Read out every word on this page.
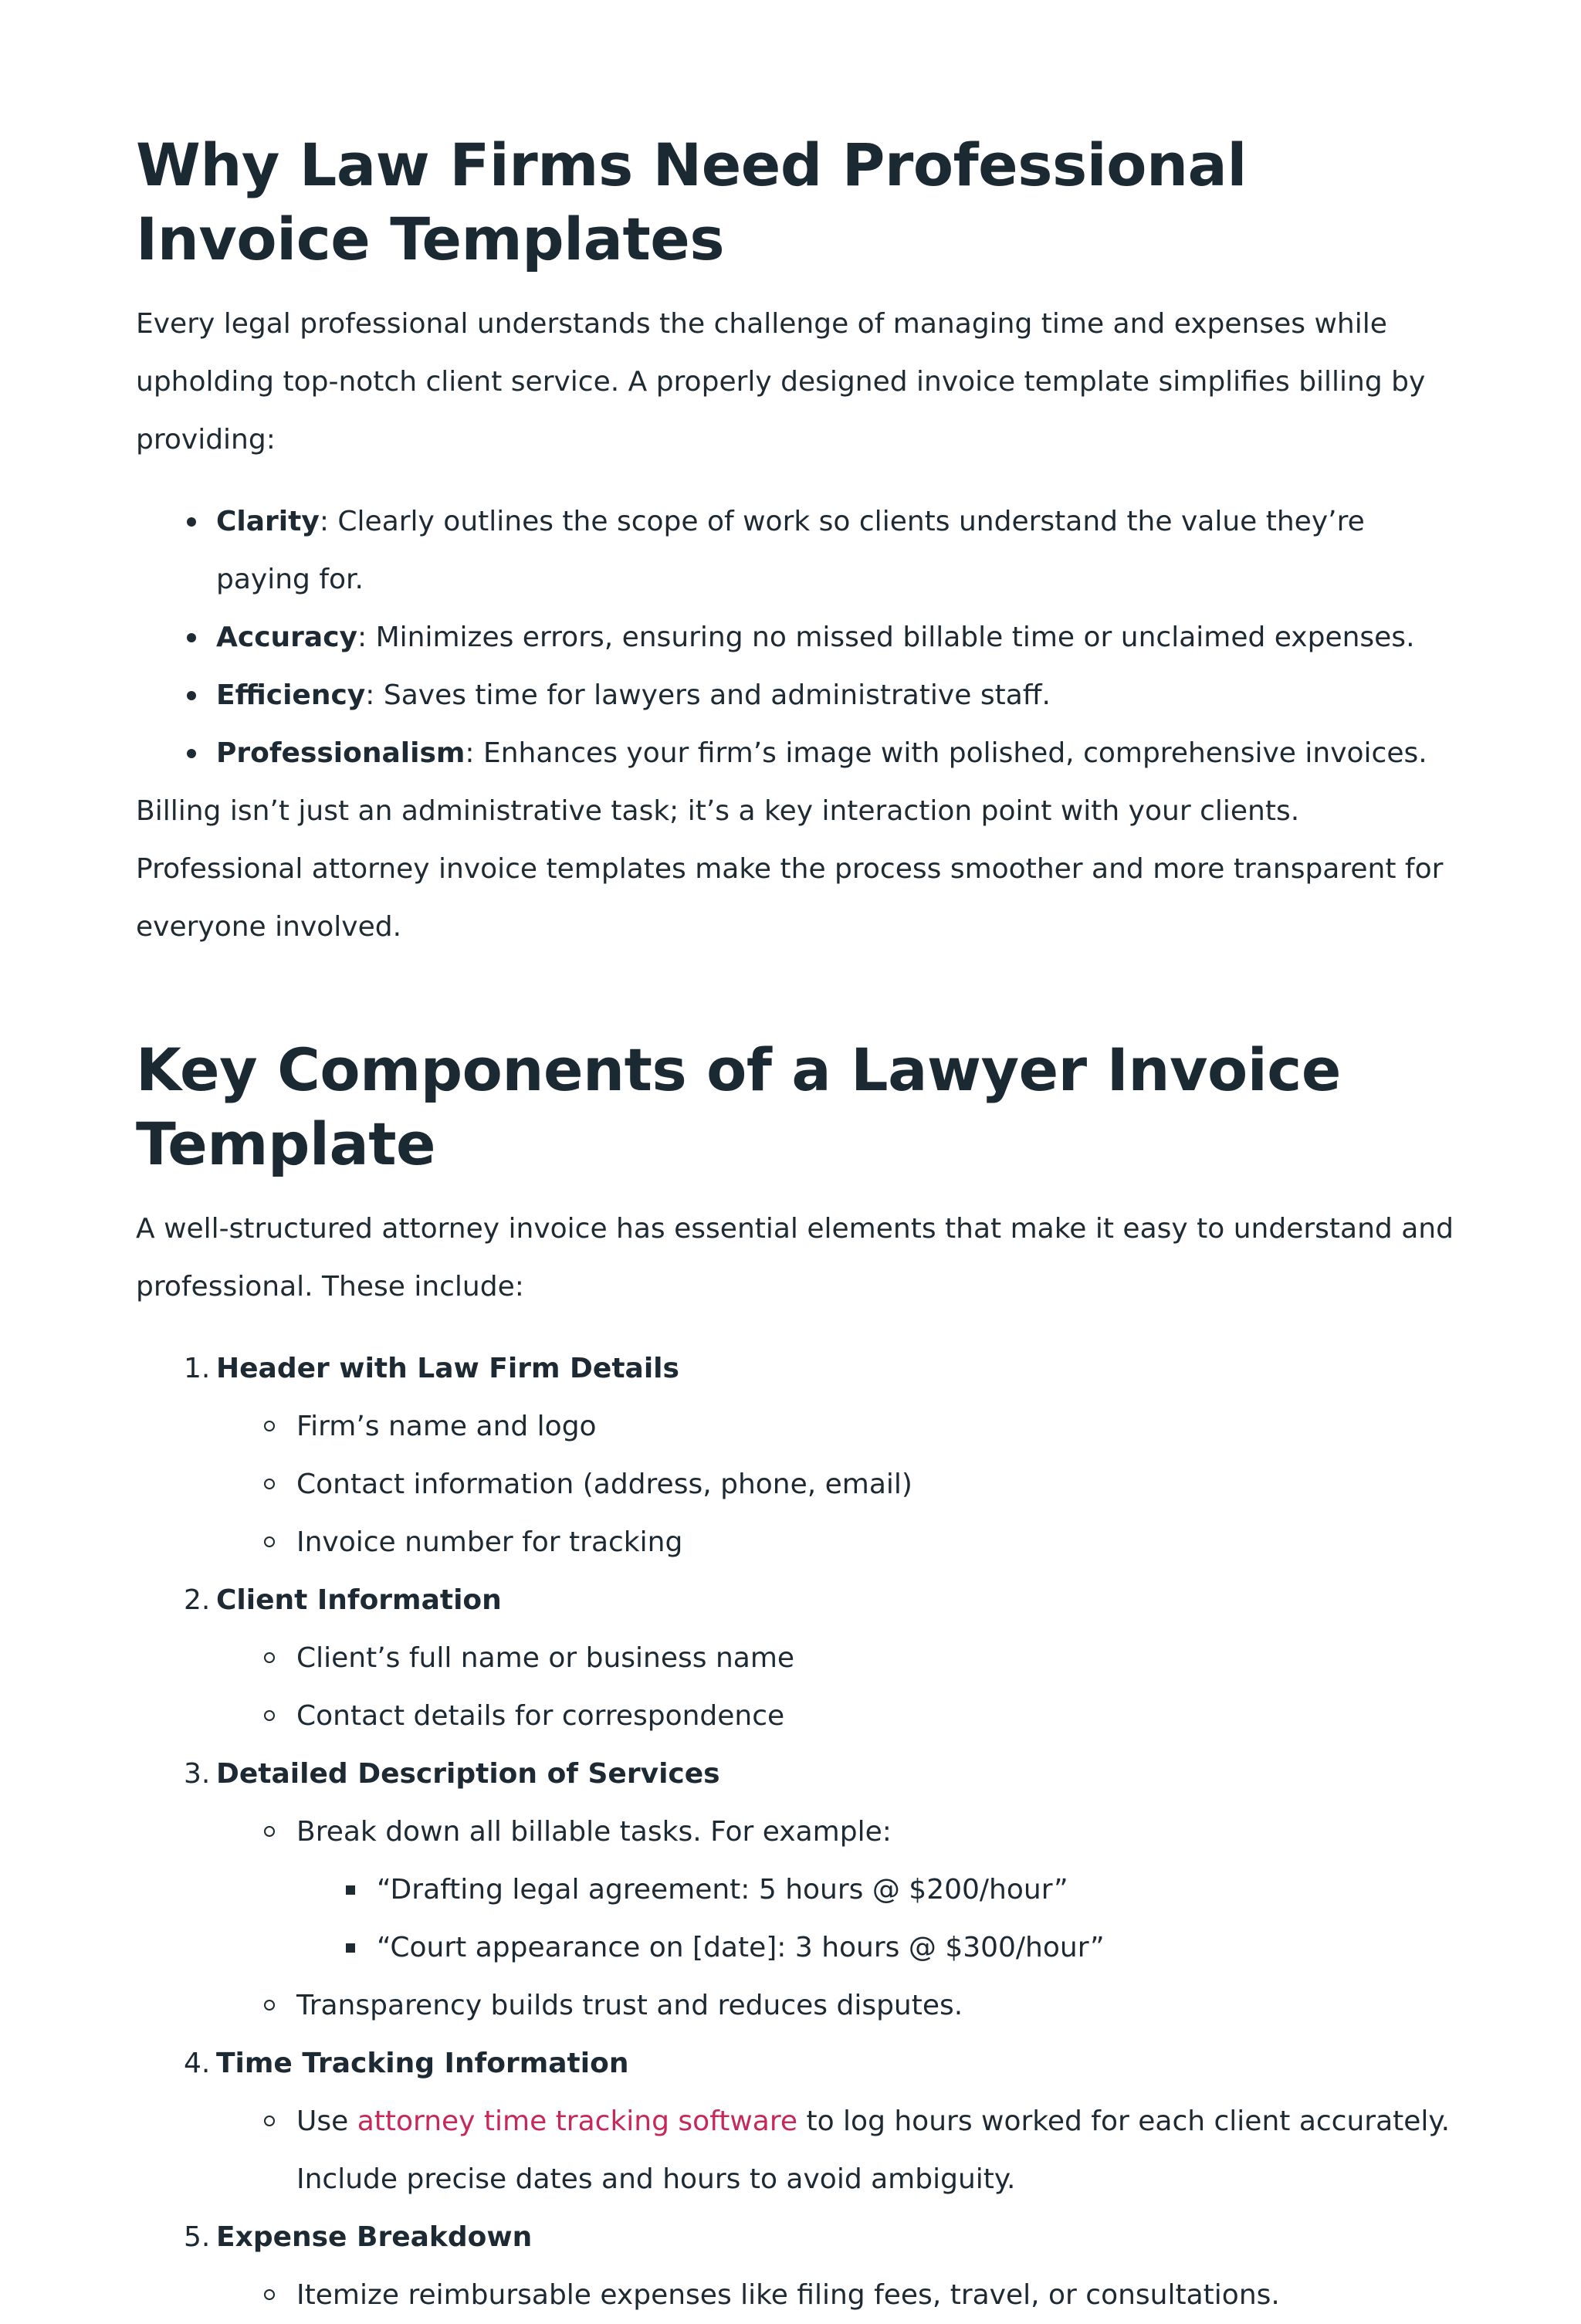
Why Law Firms Need Professional Invoice Templates

Every legal professional understands the challenge of managing time and expenses while upholding top-notch client service. A properly designed invoice template simplifies billing by providing:

Clarity: Clearly outlines the scope of work so clients understand the value they’re paying for.
Accuracy: Minimizes errors, ensuring no missed billable time or unclaimed expenses.
Efficiency: Saves time for lawyers and administrative staff.
Professionalism: Enhances your firm’s image with polished, comprehensive invoices.

Billing isn’t just an administrative task; it’s a key interaction point with your clients. Professional attorney invoice templates make the process smoother and more transparent for everyone involved.

Key Components of a Lawyer Invoice Template

A well-structured attorney invoice has essential elements that make it easy to understand and professional. These include:

1. Header with Law Firm Details
Firm’s name and logo
Contact information (address, phone, email)
Invoice number for tracking
2. Client Information
Client’s full name or business name
Contact details for correspondence
3. Detailed Description of Services
Break down all billable tasks. For example:
“Drafting legal agreement: 5 hours @ $200/hour”
“Court appearance on [date]: 3 hours @ $300/hour”
Transparency builds trust and reduces disputes.
4. Time Tracking Information
Use attorney time tracking software to log hours worked for each client accurately. Include precise dates and hours to avoid ambiguity.
5. Expense Breakdown
Itemize reimbursable expenses like filing fees, travel, or consultations.
